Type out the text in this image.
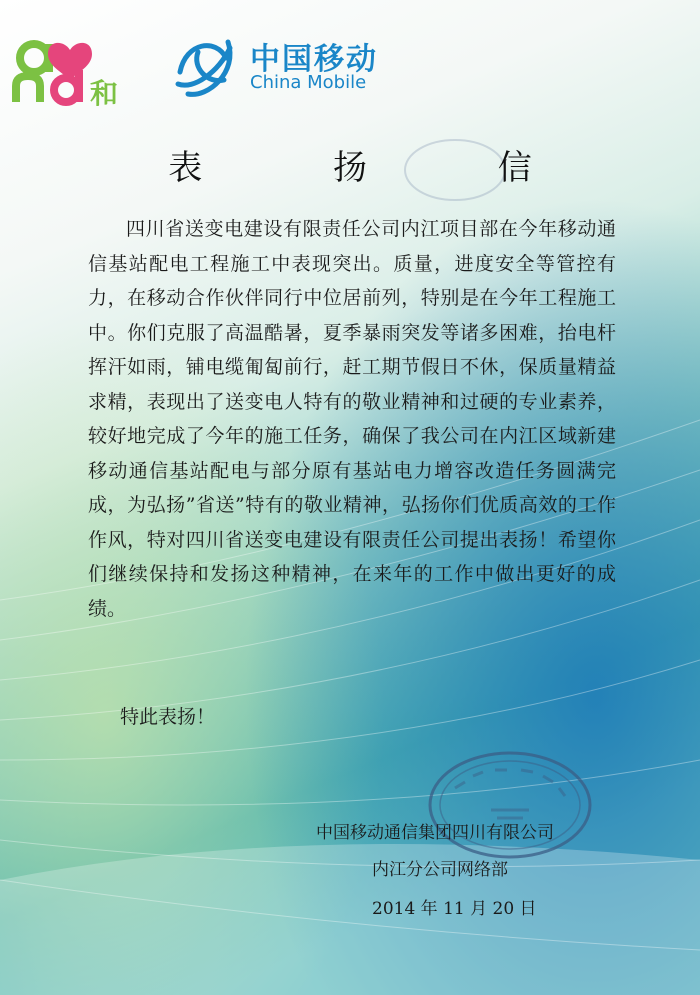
和
中国移动
China Mobile
表 扬 信

四川省送变电建设有限责任公司内江项目部在今年移动通信基站配电工程施工中表现突出。质量，进度安全等管控有力，在移动合作伙伴同行中位居前列，特别是在今年工程施工中。你们克服了高温酷暑，夏季暴雨突发等诸多困难，抬电杆挥汗如雨，铺电缆匍匐前行，赶工期节假日不休，保质量精益求精，表现出了送变电人特有的敬业精神和过硬的专业素养，较好地完成了今年的施工任务，确保了我公司在内江区域新建移动通信基站配电与部分原有基站电力增容改造任务圆满完成，为弘扬”省送”特有的敬业精神，弘扬你们优质高效的工作作风，特对四川省送变电建设有限责任公司提出表扬！希望你们继续保持和发扬这种精神，在来年的工作中做出更好的成绩。

特此表扬！
中国移动通信集团四川有限公司
内江分公司网络部
2014 年 11 月 20 日
